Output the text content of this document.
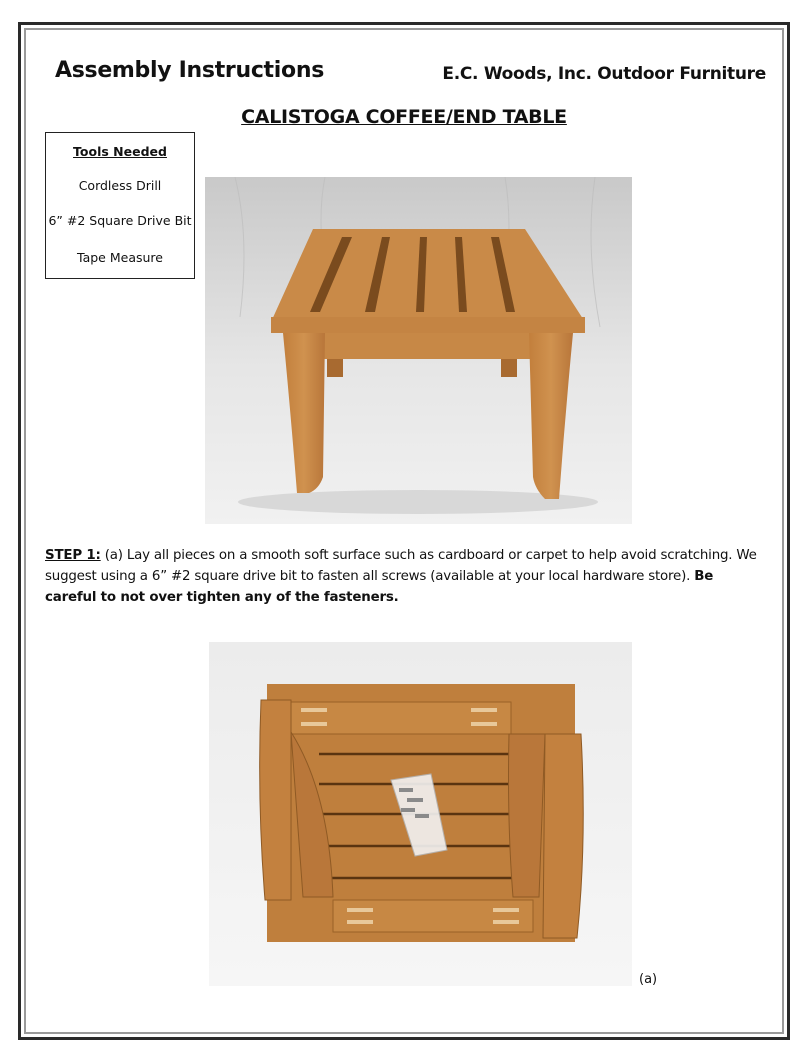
Assembly Instructions	E.C. Woods, Inc. Outdoor Furniture
CALISTOGA COFFEE/END TABLE
Tools Needed
Cordless Drill
6” #2 Square Drive Bit
Tape Measure
STEP 1: (a) Lay all pieces on a smooth soft surface such as cardboard or carpet to help avoid scratching. We suggest using a 6” #2 square drive bit to fasten all screws (available at your local hardware store). Be careful to not over tighten any of the fasteners.
(a)
